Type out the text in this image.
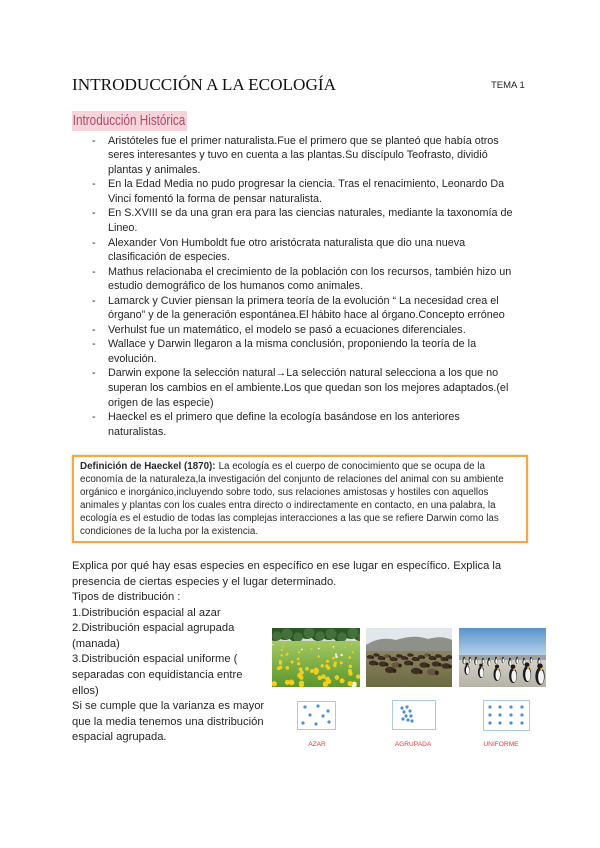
INTRODUCCIÓN A LA ECOLOGÍA	TEMA 1
Introducción Histórica
- Aristóteles fue el primer naturalista.Fue el primero que se planteó que había otros
seres interesantes y tuvo en cuenta a las plantas.Su discípulo Teofrasto, dividió
plantas y animales.
- En la Edad Media no pudo progresar la ciencia. Tras el renacimiento, Leonardo Da
Vinci fomentó la forma de pensar naturalista.
- En S.XVIII se da una gran era para las ciencias naturales, mediante la taxonomía de
Lineo.
- Alexander Von Humboldt fue otro aristócrata naturalista que dio una nueva
clasificación de especies.
- Mathus relacionaba el crecimiento de la población con los recursos, también hizo un
estudio demográfico de los humanos como animales.
- Lamarck y Cuvier piensan la primera teoría de la evolución “ La necesidad crea el
órgano” y de la generación espontánea.El hábito hace al órgano.Concepto erróneo
- Verhulst fue un matemático, el modelo se pasó a ecuaciones diferenciales.
- Wallace y Darwin llegaron a la misma conclusión, proponiendo la teoría de la
evolución.
- Darwin expone la selección natural→La selección natural selecciona a los que no
superan los cambios en el ambiente.Los que quedan son los mejores adaptados.(el
origen de las especie)
- Haeckel es el primero que define la ecología basándose en los anteriores
naturalistas.
Definición de Haeckel (1870): La ecología es el cuerpo de conocimiento que se ocupa de la
economía de la naturaleza,la investigación del conjunto de relaciones del animal con su ambiente
orgánico e inorgánico,incluyendo sobre todo, sus relaciones amistosas y hostiles con aquellos
animales y plantas con los cuales entra directo o indirectamente en contacto, en una palabra, la
ecología es el estudio de todas las complejas interacciones a las que se refiere Darwin como las
condiciones de la lucha por la existencia.
Explica por qué hay esas especies en específico en ese lugar en específico. Explica la
presencia de ciertas especies y el lugar determinado.
Tipos de distribución :
1.Distribución espacial al azar
2.Distribución espacial agrupada
(manada)
3.Distribución espacial uniforme (
separadas con equidistancia entre
ellos)
Si se cumple que la varianza es mayor
que la media tenemos una distribución
espacial agrupada.
AZAR	AGRUPADA	UNIFORME
